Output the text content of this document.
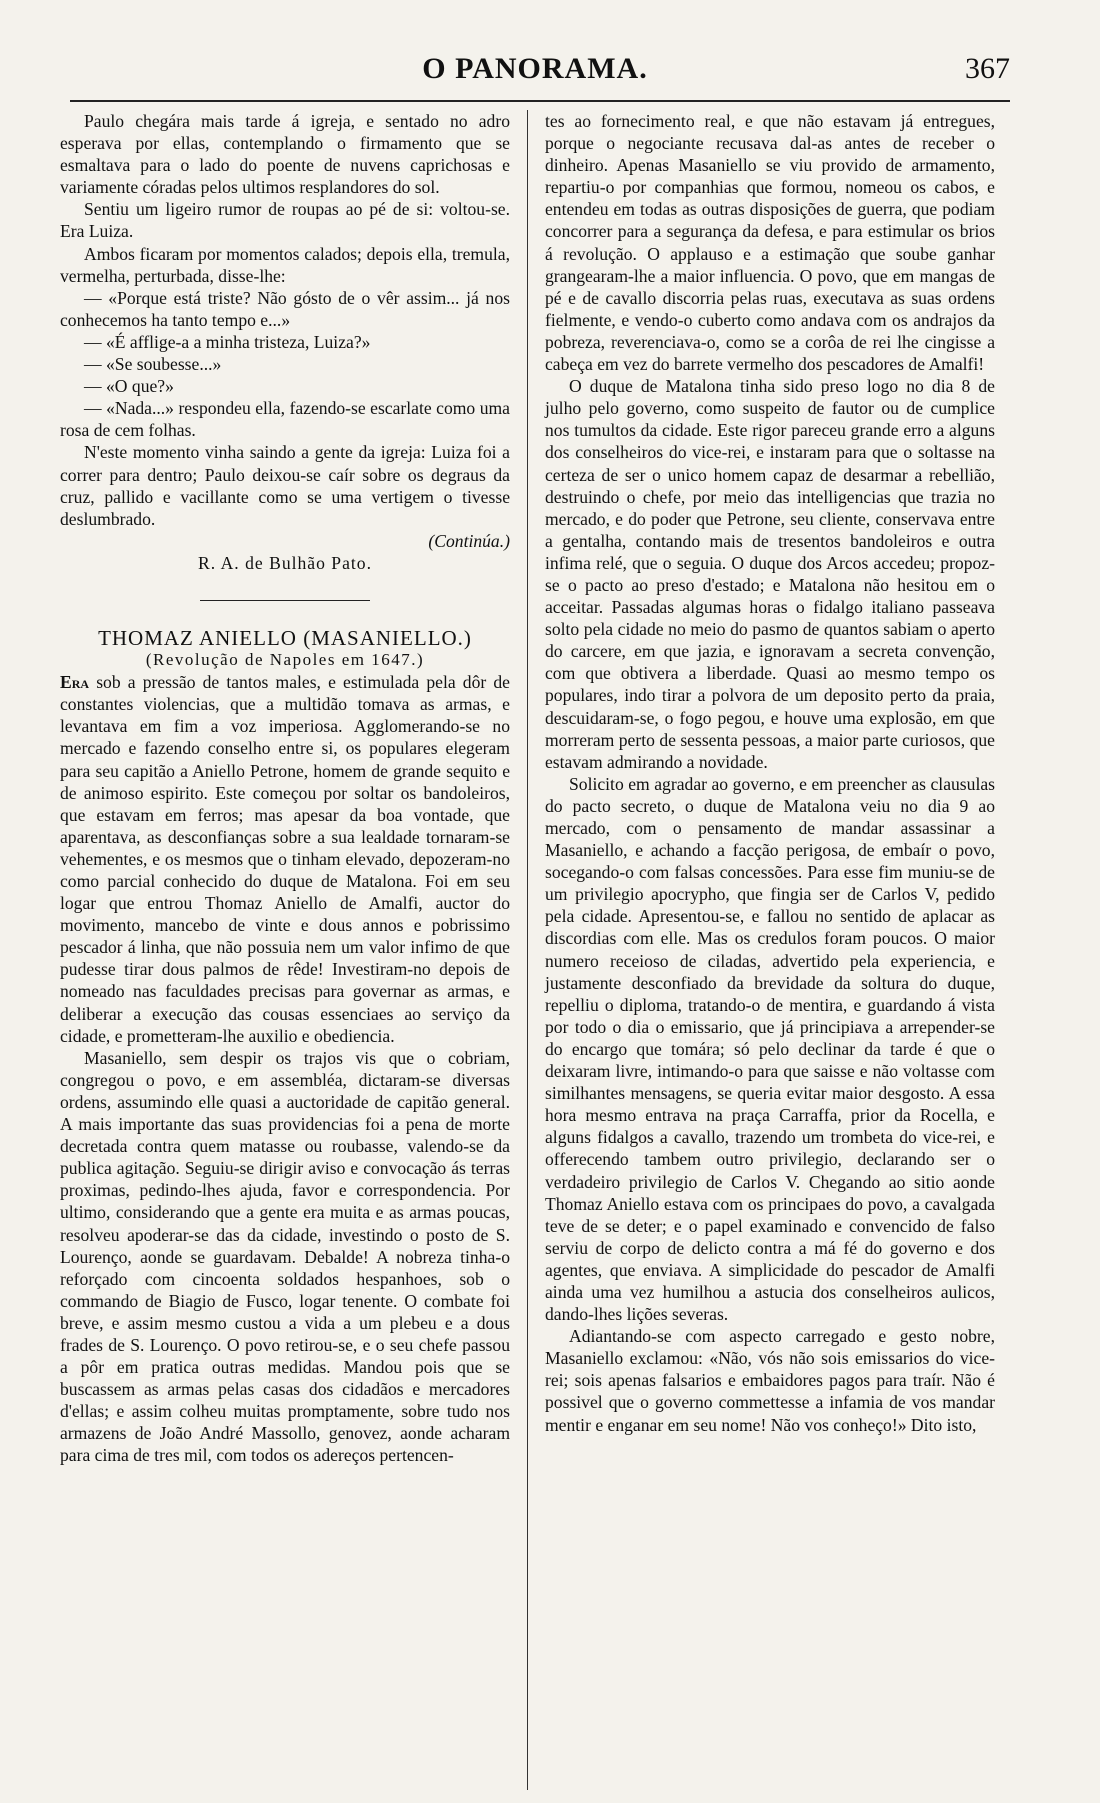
O PANORAMA.	367

Paulo chegára mais tarde á igreja, e sentado no adro esperava por ellas, contemplando o firmamento que se esmaltava para o lado do poente de nuvens caprichosas e variamente córadas pelos ultimos resplandores do sol.

Sentiu um ligeiro rumor de roupas ao pé de si: voltou-se. Era Luiza.

Ambos ficaram por momentos calados; depois ella, tremula, vermelha, perturbada, disse-lhe:

— «Porque está triste? Não gósto de o vêr assim... já nos conhecemos ha tanto tempo e...»

— «É afflige-a a minha tristeza, Luiza?»

— «Se soubesse...»

— «O que?»

— «Nada...» respondeu ella, fazendo-se escarlate como uma rosa de cem folhas.

N'este momento vinha saindo a gente da igreja: Luiza foi a correr para dentro; Paulo deixou-se caír sobre os degraus da cruz, pallido e vacillante como se uma vertigem o tivesse deslumbrado.

(Continúa.)

R. A. de Bulhão Pato.

THOMAZ ANIELLO (MASANIELLO.)

(Revolução de Napoles em 1647.)

Era sob a pressão de tantos males, e estimulada pela dôr de constantes violencias, que a multidão tomava as armas, e levantava em fim a voz imperiosa. Agglomerando-se no mercado e fazendo conselho entre si, os populares elegeram para seu capitão a Aniello Petrone, homem de grande sequito e de animoso espirito. Este começou por soltar os bandoleiros, que estavam em ferros; mas apesar da boa vontade, que aparentava, as desconfianças sobre a sua lealdade tornaram-se vehementes, e os mesmos que o tinham elevado, depozeram-no como parcial conhecido do duque de Matalona. Foi em seu logar que entrou Thomaz Aniello de Amalfi, auctor do movimento, mancebo de vinte e dous annos e pobrissimo pescador á linha, que não possuia nem um valor infimo de que pudesse tirar dous palmos de rêde! Investiram-no depois de nomeado nas faculdades precisas para governar as armas, e deliberar a execução das cousas essenciaes ao serviço da cidade, e prometteram-lhe auxilio e obediencia.

Masaniello, sem despir os trajos vis que o cobriam, congregou o povo, e em assembléa, dictaram-se diversas ordens, assumindo elle quasi a auctoridade de capitão general. A mais importante das suas providencias foi a pena de morte decretada contra quem matasse ou roubasse, valendo-se da publica agitação. Seguiu-se dirigir aviso e convocação ás terras proximas, pedindo-lhes ajuda, favor e correspondencia. Por ultimo, considerando que a gente era muita e as armas poucas, resolveu apoderar-se das da cidade, investindo o posto de S. Lourenço, aonde se guardavam. Debalde! A nobreza tinha-o reforçado com cincoenta soldados hespanhoes, sob o commando de Biagio de Fusco, logar tenente. O combate foi breve, e assim mesmo custou a vida a um plebeu e a dous frades de S. Lourenço. O povo retirou-se, e o seu chefe passou a pôr em pratica outras medidas. Mandou pois que se buscassem as armas pelas casas dos cidadãos e mercadores d'ellas; e assim colheu muitas promptamente, sobre tudo nos armazens de João André Massollo, genovez, aonde acharam para cima de tres mil, com todos os adereços pertencen-

tes ao fornecimento real, e que não estavam já entregues, porque o negociante recusava dal-as antes de receber o dinheiro. Apenas Masaniello se viu provido de armamento, repartiu-o por companhias que formou, nomeou os cabos, e entendeu em todas as outras disposições de guerra, que podiam concorrer para a segurança da defesa, e para estimular os brios á revolução. O applauso e a estimação que soube ganhar grangearam-lhe a maior influencia. O povo, que em mangas de pé e de cavallo discorria pelas ruas, executava as suas ordens fielmente, e vendo-o cuberto como andava com os andrajos da pobreza, reverenciava-o, como se a corôa de rei lhe cingisse a cabeça em vez do barrete vermelho dos pescadores de Amalfi!

O duque de Matalona tinha sido preso logo no dia 8 de julho pelo governo, como suspeito de fautor ou de cumplice nos tumultos da cidade. Este rigor pareceu grande erro a alguns dos conselheiros do vice-rei, e instaram para que o soltasse na certeza de ser o unico homem capaz de desarmar a rebellião, destruindo o chefe, por meio das intelligencias que trazia no mercado, e do poder que Petrone, seu cliente, conservava entre a gentalha, contando mais de tresentos bandoleiros e outra infima relé, que o seguia. O duque dos Arcos accedeu; propoz-se o pacto ao preso d'estado; e Matalona não hesitou em o acceitar. Passadas algumas horas o fidalgo italiano passeava solto pela cidade no meio do pasmo de quantos sabiam o aperto do carcere, em que jazia, e ignoravam a secreta convenção, com que obtivera a liberdade. Quasi ao mesmo tempo os populares, indo tirar a polvora de um deposito perto da praia, descuidaram-se, o fogo pegou, e houve uma explosão, em que morreram perto de sessenta pessoas, a maior parte curiosos, que estavam admirando a novidade.

Solicito em agradar ao governo, e em preencher as clausulas do pacto secreto, o duque de Matalona veiu no dia 9 ao mercado, com o pensamento de mandar assassinar a Masaniello, e achando a facção perigosa, de embaír o povo, socegando-o com falsas concessões. Para esse fim muniu-se de um privilegio apocrypho, que fingia ser de Carlos V, pedido pela cidade. Apresentou-se, e fallou no sentido de aplacar as discordias com elle. Mas os credulos foram poucos. O maior numero receioso de ciladas, advertido pela experiencia, e justamente desconfiado da brevidade da soltura do duque, repelliu o diploma, tratando-o de mentira, e guardando á vista por todo o dia o emissario, que já principiava a arrepender-se do encargo que tomára; só pelo declinar da tarde é que o deixaram livre, intimando-o para que saisse e não voltasse com similhantes mensagens, se queria evitar maior desgosto. A essa hora mesmo entrava na praça Carraffa, prior da Rocella, e alguns fidalgos a cavallo, trazendo um trombeta do vice-rei, e offerecendo tambem outro privilegio, declarando ser o verdadeiro privilegio de Carlos V. Chegando ao sitio aonde Thomaz Aniello estava com os principaes do povo, a cavalgada teve de se deter; e o papel examinado e convencido de falso serviu de corpo de delicto contra a má fé do governo e dos agentes, que enviava. A simplicidade do pescador de Amalfi ainda uma vez humilhou a astucia dos conselheiros aulicos, dando-lhes lições severas.

Adiantando-se com aspecto carregado e gesto nobre, Masaniello exclamou: «Não, vós não sois emissarios do vice-rei; sois apenas falsarios e embaidores pagos para traír. Não é possivel que o governo commettesse a infamia de vos mandar mentir e enganar em seu nome! Não vos conheço!» Dito isto,
